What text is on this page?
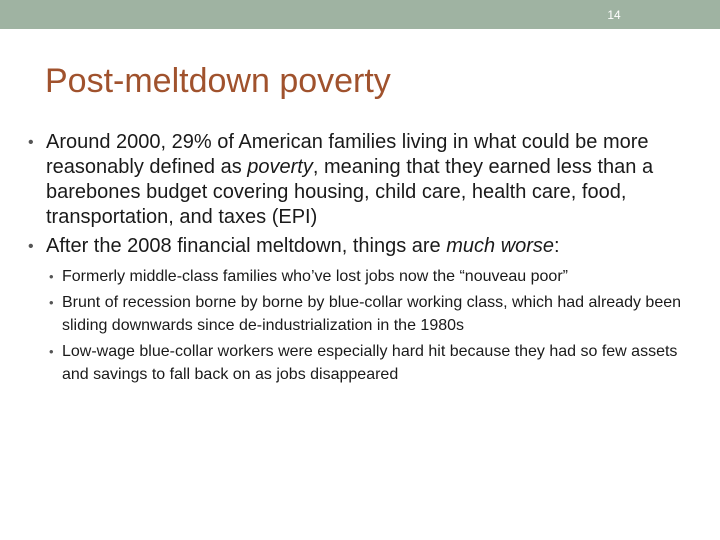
14
Post-meltdown poverty
• Around 2000, 29% of American families living in what could be more reasonably defined as poverty, meaning that they earned less than a barebones budget covering housing, child care, health care, food, transportation, and taxes (EPI)
• After the 2008 financial meltdown, things are much worse:
• Formerly middle-class families who’ve lost jobs now the “nouveau poor”
• Brunt of recession borne by borne by blue-collar working class, which had already been sliding downwards since de-industrialization in the 1980s
• Low-wage blue-collar workers were especially hard hit because they had so few assets and savings to fall back on as jobs disappeared
